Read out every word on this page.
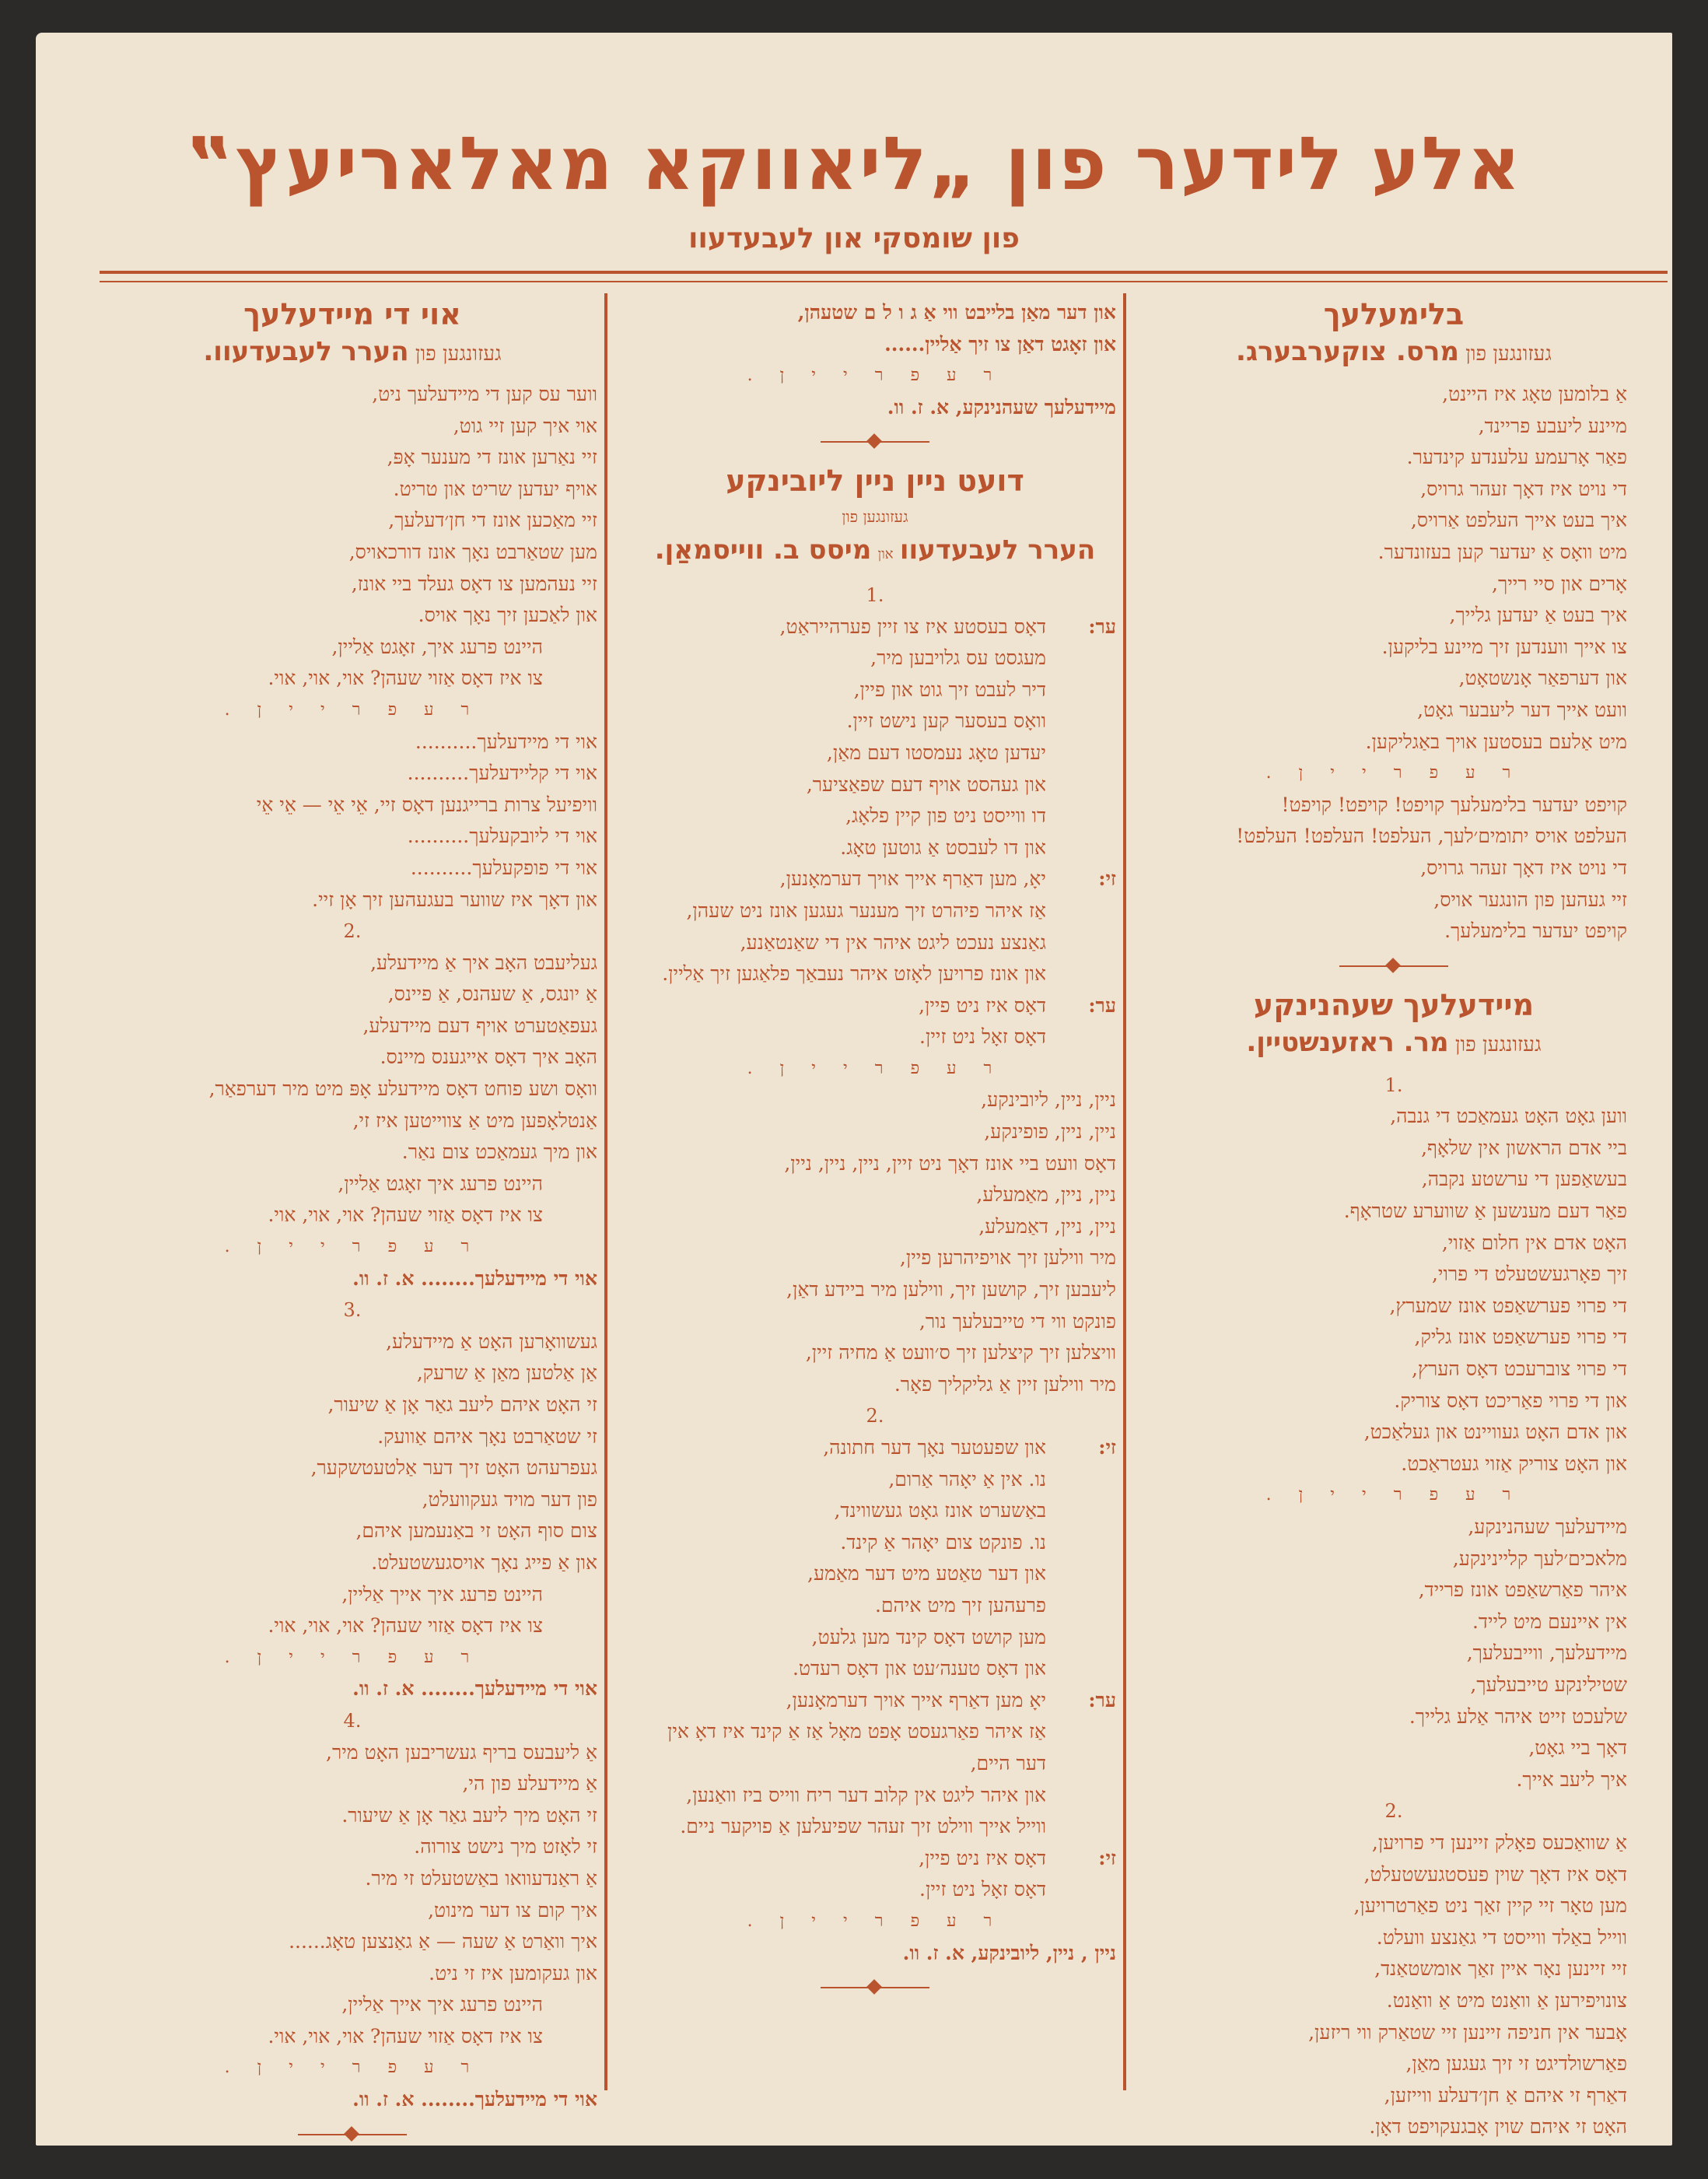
אלע לידער פון „ליאווקא מאלאריעץ‟
פון שומסקי און לעבעדעוו
בלימעלעך
געזונגען פון מרס. צוקערבערג.
אַ בלומען טאָג איז היינט,
מיינע ליעבע פריינד,
פאַר אָרעמע עלענדע קינדער.
די נויט איז דאָך זעהר גרויס,
איך בעט אייך העלפט אַרויס,
מיט וואָס אַ יעדער קען בעזונדער.
אָרים און סיי רייך,
איך בעט אַ יעדען גלייך,
צו אייך ווענדען זיך מיינע בליקען.
און דערפאַר אָנשטאָט,
וועט אייך דער ליעבער גאָט,
מיט אַלעם בעסטען אויך באַגליקען.
ר ע פ ר י י ן .
קויפט יעדער בלימעלעך קויפט! קויפט! קויפט!
העלפט אויס יתומים׳לעך, העלפט! העלפט! העלפט!
די נויט איז דאָך זעהר גרויס,
זיי געהען פון הונגער אויס,
קויפט יעדער בלימעלעך.
מיידעלעך שעהנינקע
געזונגען פון מר. ראזענשטיין.
.1
ווען גאָט האָט געמאַכט די גנבה,
ביי אדם הראשון אין שלאָף,
בעשאַפען די ערשטע נקבה,
פאַר דעם מענשען אַ שווערע שטראָף.
האָט אדם אין חלום אַזוי,
זיך פאָרגעשטעלט די פרוי,
די פרוי פערשאַפט אונז שמערץ,
די פרוי פערשאַפט אונז גליק,
די פרוי צוברעכט דאָס הערץ,
און די פרוי פאַריכט דאָס צוריק.
און אדם האָט געוויינט און געלאַכט,
און האָט צוריק אַזוי געטראַכט.
ר ע פ ר י י ן .
מיידעלעך שעהנינקע,
מלאכים׳לעך קליינינקע,
איהר פאַרשאַפט אונז פרייד,
אין איינעם מיט לייד.
מיידעלעך, ווייבעלעך,
שטילינקע טייבעלעך,
שלעכט זייט איהר אַלע גלייך.
דאָך ביי גאָט,
איך ליעב אייך.
.2
אַ שוואַכעס פאָלק זיינען די פרויען,
דאָס איז דאָך שוין פעסטגעשטעלט,
מען טאָר זיי קיין זאַך ניט פאַרטרויען,
ווייל באַלד ווייסט די גאַנצע וועלט.
זיי זיינען נאָר איין זאַך אומשטאַנד,
צונויפירען אַ וואַנט מיט אַ וואַנט.
אָבער אין חניפה זיינען זיי שטאַרק ווי ריזען,
פאַרשולדיגט זי זיך געגען מאַן,
דאַרף זי איהם אַ חן׳דעלע ווייזען,
האָט זי איהם שוין אָבגעקויפט דאָן.
און דער מאַן בלייבט ווי אַ ג ו ל ם שטעהן,
און זאָגט דאַן צו זיך אַליין......
ר ע פ ר י י ן .
מיידעלעך שעהנינקע, א. ז. וו.
דועט ניין ניין ליובינקע
געזונגען פון
הערר לעבעדעוו און מיסס ב. ווייסמאַן.
.1
ער:
דאָס בעסטע איז צו זיין פערהייראַט,
מעגסט עס גלויבען מיר,
דיר לעבט זיך גוט און פיין,
וואָס בעסער קען נישט זיין.
יעדען טאָג נעמסטו דעם מאַן,
און געהסט אויף דעם שפאַציער,
דו ווייסט ניט פון קיין פלאָג,
און דו לעבסט אַ גוטען טאָג.
זי:
יאָ, מען דאַרף אייך אויך דערמאָנען,
אַז איהר פיהרט זיך מענער געגען אונז ניט שעהן,
גאַנצע נעכט ליגט איהר אין די שאַנטאַנע,
און אונז פרויען לאָזט איהר נעבאַך פלאַגען זיך אַליין.
ער:
דאָס איז ניט פיין,
דאָס זאָל ניט זיין.
ר ע פ ר י י ן .
ניין, ניין, ליובינקע,
ניין, ניין, פופינקע,
דאָס וועט ביי אונז דאָך ניט זיין, ניין, ניין, ניין,
ניין, ניין, מאַמעלע,
ניין, ניין, דאַמעלע,
מיר ווילען זיך אויפיהרען פיין,
ליעבען זיך, קושען זיך, ווילען מיר ביידע דאַן,
פונקט ווי די טייבעלעך נור,
וויצלען זיך קיצלען זיך ס׳וועט אַ מחיה זיין,
מיר ווילען זיין אַ גליקליך פאָר.
.2
זי:
און שפעטער נאָך דער חתונה,
נו. אין אַ יאָהר אַרום,
באַשערט אונז גאָט געשווינד,
נו. פונקט צום יאָהר אַ קינד.
און דער טאַטע מיט דער מאַמע,
פרעהען זיך מיט איהם.
מען קושט דאָס קינד מען גלעט,
און דאָס טענה׳עט און דאָס רעדט.
ער:
יאָ מען דאַרף אייך אויך דערמאָנען,
אַז איהר פאַרגעסט אָפט מאָל אַז אַ קינד איז דאָ אין דער היים,
און איהר ליגט אין קלוב דער ריח ווייס ביז וואַנען,
ווייל אייך ווילט זיך זעהר שפיעלען אַ פויקער ניים.
זי:
דאָס איז ניט פיין,
דאָס זאָל ניט זיין.
ר ע פ ר י י ן .
ניין , ניין, ליובינקע, א. ז. וו.
אוי די מיידעלעך
געזונגען פון הערר לעבעדעוו.
ווער עס קען די מיידעלעך ניט,
אוי איך קען זיי גוט,
זיי נאַרען אונז די מענער אָפּ,
אויף יעדען שריט און טריט.
זיי מאַכען אונז די חן׳דעלעך,
מען שטאַרבט נאָך אונז דורכאויס,
זיי נעהמען צו דאָס געלד ביי אונז,
און לאַכען זיך נאָך אויס.
היינט פרעג איך, זאָגט אַליין,
צו איז דאָס אַזוי שעהן? אוי, אוי, אוי.
ר ע פ ר י י ן .
אוי די מיידעלעך..........
אוי די קליידעלעך..........
וויפיעל צרות ברייגנען דאָס זיי, אֵי אֵי — אֵי אֵי
אוי די ליובקעלעך..........
אוי די פופקעלעך..........
און דאָך איז שווער בעגעהען זיך אָן זיי.
.2
געליעבט האָב איך אַ מיידעלע,
אַ יונגס, אַ שעהנס, אַ פיינס,
געפאַטערט אויף דעם מיידעלע,
האָב איך דאָס אייגענס מיינס.
וואָס ושע פוחט דאָס מיידעלע אָפּ מיט מיר דערפאַר,
אַנטלאָפען מיט אַ צווייטען איז זי,
און מיך געמאַכט צום נאַר.
היינט פרעג איך זאָגט אַליין,
צו איז דאָס אַזוי שעהן? אוי, אוי, אוי.
ר ע פ ר י י ן .
אוי די מיידעלעך........ א. ז. וו.
.3
געשוואָרען האָט אַ מיידעלע,
אַן אַלטען מאַן אַ שרעק,
זי האָט איהם ליעב גאַר אָן אַ שיעור,
זי שטאַרבט נאָך איהם אַוועק.
געפרעהט האָט זיך דער אַלטעטשקער,
פון דער מויד געקוועלט,
צום סוף האָט זי באַנעמען איהם,
און אַ פייג נאָך אויסגעשטעלט.
היינט פרעג איך אייך אַליין,
צו איז דאָס אַזוי שעהן? אוי, אוי, אוי.
ר ע פ ר י י ן .
אוי די מיידעלעך........ א. ז. וו.
.4
אַ ליעבעס בריף געשריבען האָט מיר,
אַ מיידעלע פון הי,
זי האָט מיך ליעב גאַר אָן אַ שיעור.
זי לאָזט מיך נישט צורוה.
אַ ראַנדעוואו באַשטעלט זי מיר.
איך קום צו דער מינוט,
איך וואַרט אַ שעה — אַ גאַנצען טאָג......
און געקומען איז זי ניט.
היינט פרעג איך אייך אַליין,
צו איז דאָס אַזוי שעהן? אוי, אוי, אוי.
ר ע פ ר י י ן .
אוי די מיידעלעך........ א. ז. וו.
